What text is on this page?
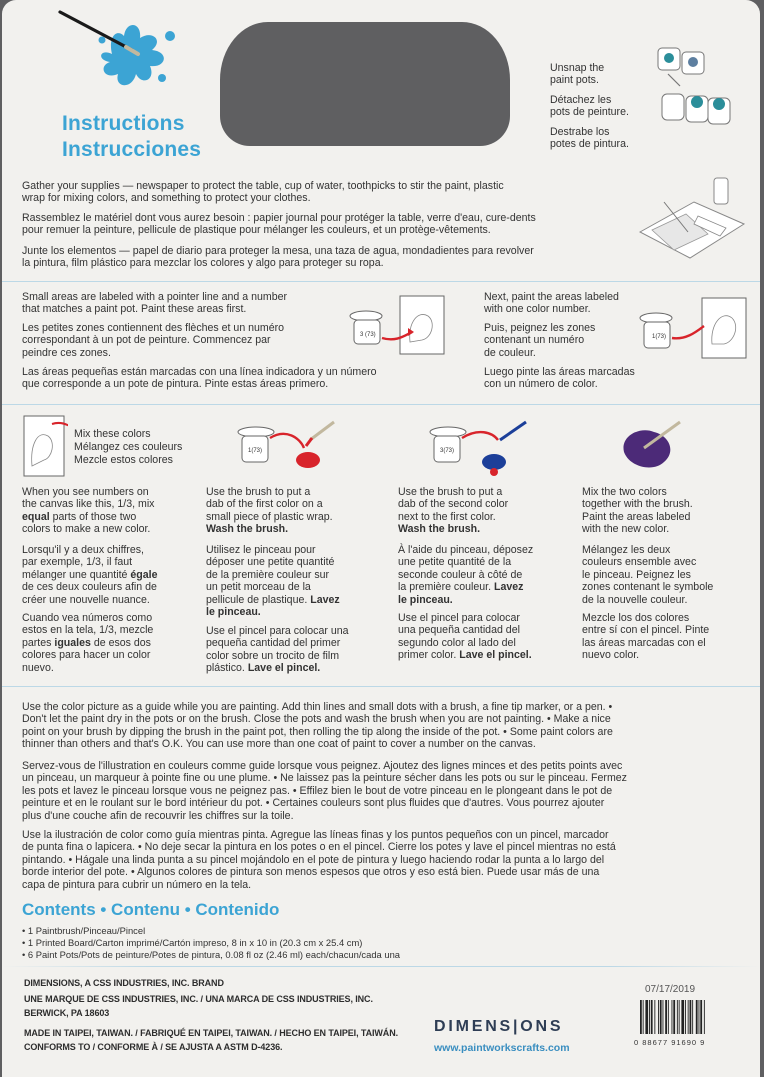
Instructions
Instrucciones
Unsnap the
paint pots.
Détachez les
pots de peinture.
Destrabe los
potes de pintura.
Gather your supplies — newspaper to protect the table, cup of water, toothpicks to stir the paint, plastic
wrap for mixing colors, and something to protect your clothes.
Rassemblez le matériel dont vous aurez besoin : papier journal pour protéger la table, verre d'eau, cure-dents
pour remuer la peinture, pellicule de plastique pour mélanger les couleurs, et un protège-vêtements.
Junte los elementos — papel de diario para proteger la mesa, una taza de agua, mondadientes para revolver
la pintura, film plástico para mezclar los colores y algo para proteger su ropa.
Small areas are labeled with a pointer line and a number
that matches a paint pot. Paint these areas first.
Les petites zones contiennent des flèches et un numéro
correspondant à un pot de peinture. Commencez par
peindre ces zones.
Las áreas pequeñas están marcadas con una línea indicadora y un número
que corresponde a un pote de pintura. Pinte estas áreas primero.
3 (73)
Next, paint the areas labeled
with one color number.
Puis, peignez les zones
contenant un numéro
de couleur.
Luego pinte las áreas marcadas
con un número de color.
1(73)
Mix these colors
Mélangez ces couleurs
Mezcle estos colores
1(73)	3(73)
When you see numbers on
the canvas like this, 1/3, mix
equal parts of those two
colors to make a new color.
Lorsqu'il y a deux chiffres,
par exemple, 1/3, il faut
mélanger une quantité égale
de ces deux couleurs afin de
créer une nouvelle nuance.
Cuando vea números como
estos en la tela, 1/3, mezcle
partes iguales de esos dos
colores para hacer un color
nuevo.
Use the brush to put a
dab of the first color on a
small piece of plastic wrap.
Wash the brush.
Utilisez le pinceau pour
déposer une petite quantité
de la première couleur sur
un petit morceau de la
pellicule de plastique. Lavez
le pinceau.
Use el pincel para colocar una
pequeña cantidad del primer
color sobre un trocito de film
plástico. Lave el pincel.
Use the brush to put a
dab of the second color
next to the first color.
Wash the brush.
À l'aide du pinceau, déposez
une petite quantité de la
seconde couleur à côté de
la première couleur. Lavez
le pinceau.
Use el pincel para colocar
una pequeña cantidad del
segundo color al lado del
primer color. Lave el pincel.
Mix the two colors
together with the brush.
Paint the areas labeled
with the new color.
Mélangez les deux
couleurs ensemble avec
le pinceau. Peignez les
zones contenant le symbole
de la nouvelle couleur.
Mezcle los dos colores
entre sí con el pincel. Pinte
las áreas marcadas con el
nuevo color.
Use the color picture as a guide while you are painting. Add thin lines and small dots with a brush, a fine tip marker, or a pen. •
Don't let the paint dry in the pots or on the brush. Close the pots and wash the brush when you are not painting. • Make a nice
point on your brush by dipping the brush in the paint pot, then rolling the tip along the inside of the pot. • Some paint colors are
thinner than others and that's O.K. You can use more than one coat of paint to cover a number on the canvas.
Servez-vous de l'illustration en couleurs comme guide lorsque vous peignez. Ajoutez des lignes minces et des petits points avec
un pinceau, un marqueur à pointe fine ou une plume. • Ne laissez pas la peinture sécher dans les pots ou sur le pinceau. Fermez
les pots et lavez le pinceau lorsque vous ne peignez pas. • Effilez bien le bout de votre pinceau en le plongeant dans le pot de
peinture et en le roulant sur le bord intérieur du pot. • Certaines couleurs sont plus fluides que d'autres. Vous pourrez ajouter
plus d'une couche afin de recouvrir les chiffres sur la toile.
Use la ilustración de color como guía mientras pinta. Agregue las líneas finas y los puntos pequeños con un pincel, marcador
de punta fina o lapicera. • No deje secar la pintura en los potes o en el pincel. Cierre los potes y lave el pincel mientras no está
pintando. • Hágale una linda punta a su pincel mojándolo en el pote de pintura y luego haciendo rodar la punta a lo largo del
borde interior del pote. • Algunos colores de pintura son menos espesos que otros y eso está bien. Puede usar más de una
capa de pintura para cubrir un número en la tela.
Contents • Contenu • Contenido
• 1 Paintbrush/Pinceau/Pincel
• 1 Printed Board/Carton imprimé/Cartón impreso, 8 in x 10 in (20.3 cm x 25.4 cm)
• 6 Paint Pots/Pots de peinture/Potes de pintura, 0.08 fl oz (2.46 ml) each/chacun/cada una
DIMENSIONS, A CSS INDUSTRIES, INC. BRAND
UNE MARQUE DE CSS INDUSTRIES, INC. / UNA MARCA DE CSS INDUSTRIES, INC.
BERWICK, PA 18603
MADE IN TAIPEI, TAIWAN. / FABRIQUÉ EN TAIPEI, TAIWAN. / HECHO EN TAIPEI, TAIWÁN.
CONFORMS TO / CONFORME À / SE AJUSTA A ASTM D-4236.
07/17/2019
DIMENS|ONS
www.paintworkscrafts.com	0 88677 91690 9
